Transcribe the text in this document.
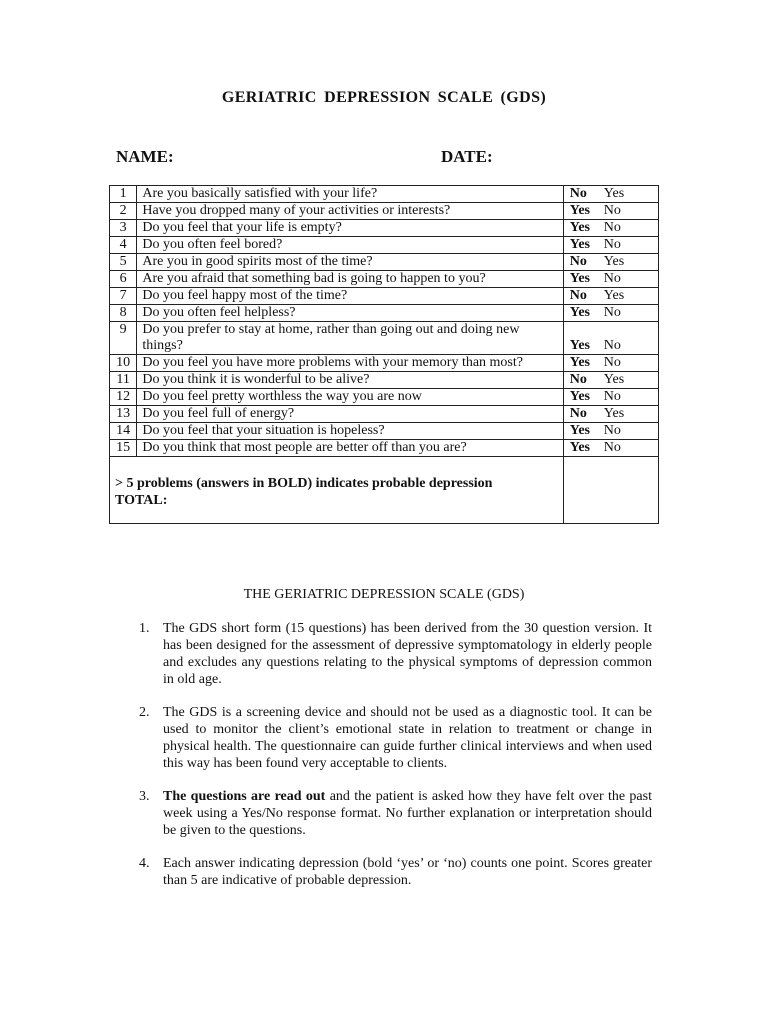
GERIATRIC DEPRESSION SCALE (GDS)
NAME:	DATE:
1	Are you basically satisfied with your life?	No Yes
2	Have you dropped many of your activities or interests?	Yes No
3	Do you feel that your life is empty?	Yes No
4	Do you often feel bored?	Yes No
5	Are you in good spirits most of the time?	No Yes
6	Are you afraid that something bad is going to happen to you?	Yes No
7	Do you feel happy most of the time?	No Yes
8	Do you often feel helpless?	Yes No
9	Do you prefer to stay at home, rather than going out and doing new things?	Yes No
10	Do you feel you have more problems with your memory than most?	Yes No
11	Do you think it is wonderful to be alive?	No Yes
12	Do you feel pretty worthless the way you are now	Yes No
13	Do you feel full of energy?	No Yes
14	Do you feel that your situation is hopeless?	Yes No
15	Do you think that most people are better off than you are?	Yes No

> 5 problems (answers in BOLD) indicates probable depression
TOTAL:		

THE GERIATRIC DEPRESSION SCALE (GDS)
1. The GDS short form (15 questions) has been derived from the 30 question version. It has been designed for the assessment of depressive symptomatology in elderly people and excludes any questions relating to the physical symptoms of depression common in old age.
2. The GDS is a screening device and should not be used as a diagnostic tool. It can be used to monitor the client’s emotional state in relation to treatment or change in physical health. The questionnaire can guide further clinical interviews and when used this way has been found very acceptable to clients.
3. The questions are read out and the patient is asked how they have felt over the past week using a Yes/No response format. No further explanation or interpretation should be given to the questions.
4. Each answer indicating depression (bold ‘yes’ or ‘no) counts one point. Scores greater than 5 are indicative of probable depression.
